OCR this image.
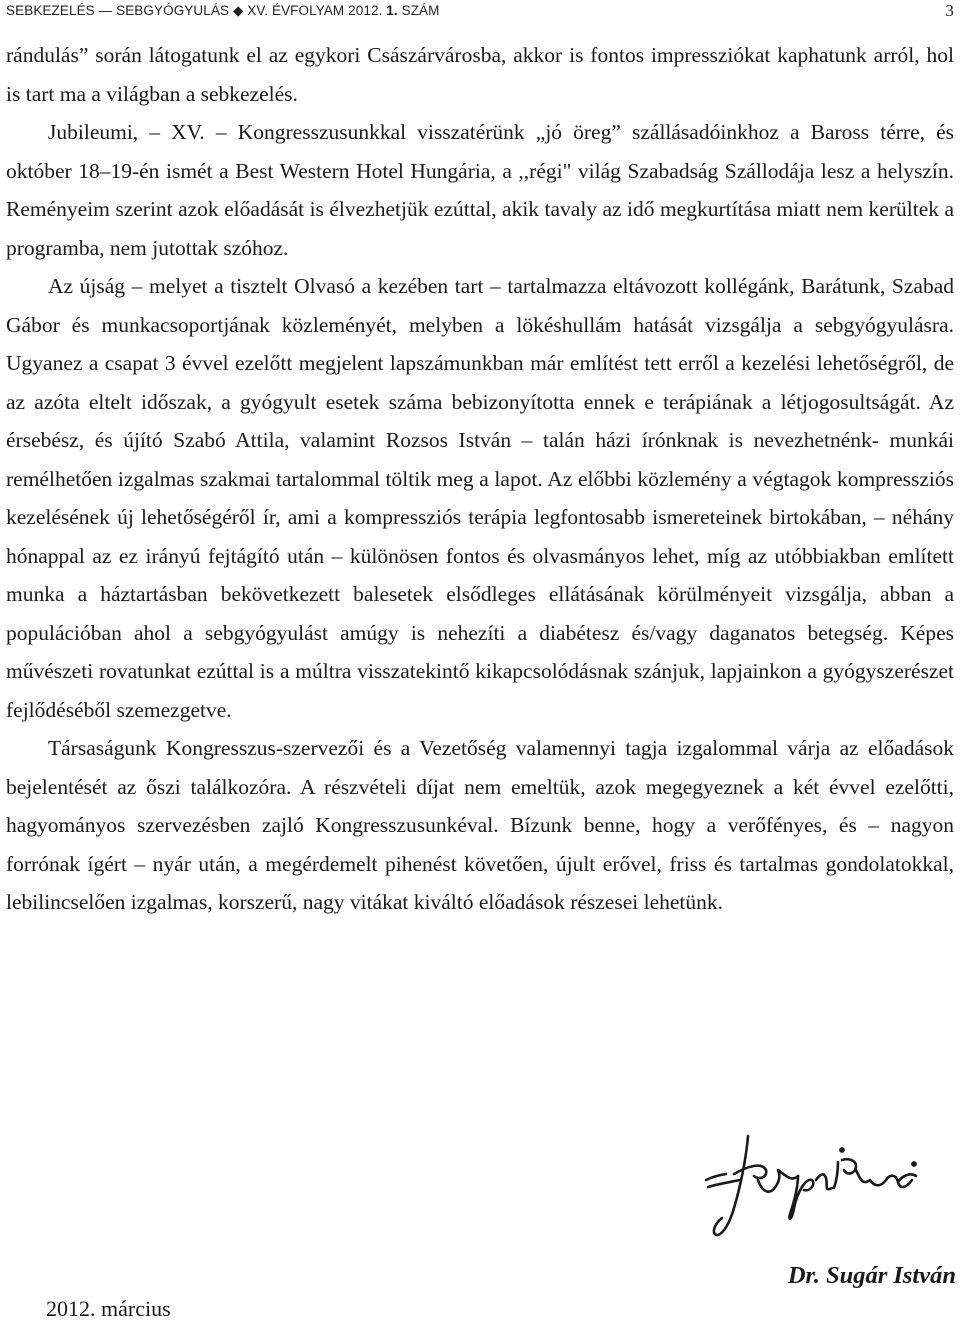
SEBKEZELÉS — SEBGYÓGYULÁS ◆ XV. ÉVFOLYAM 2012. 1. SZÁM	3

rándulás” során látogatunk el az egykori Császárvárosba, akkor is fontos impressziókat kaphatunk arról, hol is tart ma a világban a sebkezelés.

Jubileumi, – XV. – Kongresszusunkkal visszatérünk „jó öreg” szállásadóinkhoz a Baross térre, és október 18–19-én ismét a Best Western Hotel Hungária, a ,,régi" világ Szabadság Szállodája lesz a helyszín. Reményeim szerint azok előadását is élvezhetjük ezúttal, akik tavaly az idő megkurtítása miatt nem kerültek a programba, nem jutottak szóhoz.

Az újság – melyet a tisztelt Olvasó a kezében tart – tartalmazza eltávozott kollégánk, Barátunk, Szabad Gábor és munkacsoportjának közleményét, melyben a lökéshullám hatását vizsgálja a sebgyógyulásra. Ugyanez a csapat 3 évvel ezelőtt megjelent lapszámunkban már említést tett erről a kezelési lehetőségről, de az azóta eltelt időszak, a gyógyult esetek száma bebizonyította ennek e terápiának a létjogosultságát. Az érsebész, és újító Szabó Attila, valamint Rozsos István – talán házi írónknak is nevezhetnénk- munkái remélhetően izgalmas szakmai tartalommal töltik meg a lapot. Az előbbi közlemény a végtagok kompressziós kezelésének új lehetőségéről ír, ami a kompressziós terápia legfontosabb ismereteinek birtokában, – néhány hónappal az ez irányú fejtágító után – különösen fontos és olvasmányos lehet, míg az utóbbiakban említett munka a háztartásban bekövetkezett balesetek elsődleges ellátásának körülményeit vizsgálja, abban a populációban ahol a sebgyógyulást amúgy is nehezíti a diabétesz és/vagy daganatos betegség. Képes művészeti rovatunkat ezúttal is a múltra visszatekintő kikapcsolódásnak szánjuk, lapjainkon a gyógyszerészet fejlődéséből szemezgetve.

Társaságunk Kongresszus-szervezői és a Vezetőség valamennyi tagja izgalommal várja az előadások bejelentését az őszi találkozóra. A részvételi díjat nem emeltük, azok megegyeznek a két évvel ezelőtti, hagyományos szervezésben zajló Kongresszusunkéval. Bízunk benne, hogy a verőfényes, és – nagyon forrónak ígért – nyár után, a megérdemelt pihenést követően, újult erővel, friss és tartalmas gondolatokkal, lebilincselően izgalmas, korszerű, nagy vitákat kiváltó előadások részesei lehetünk.

Dr. Sugár István
2012. március
